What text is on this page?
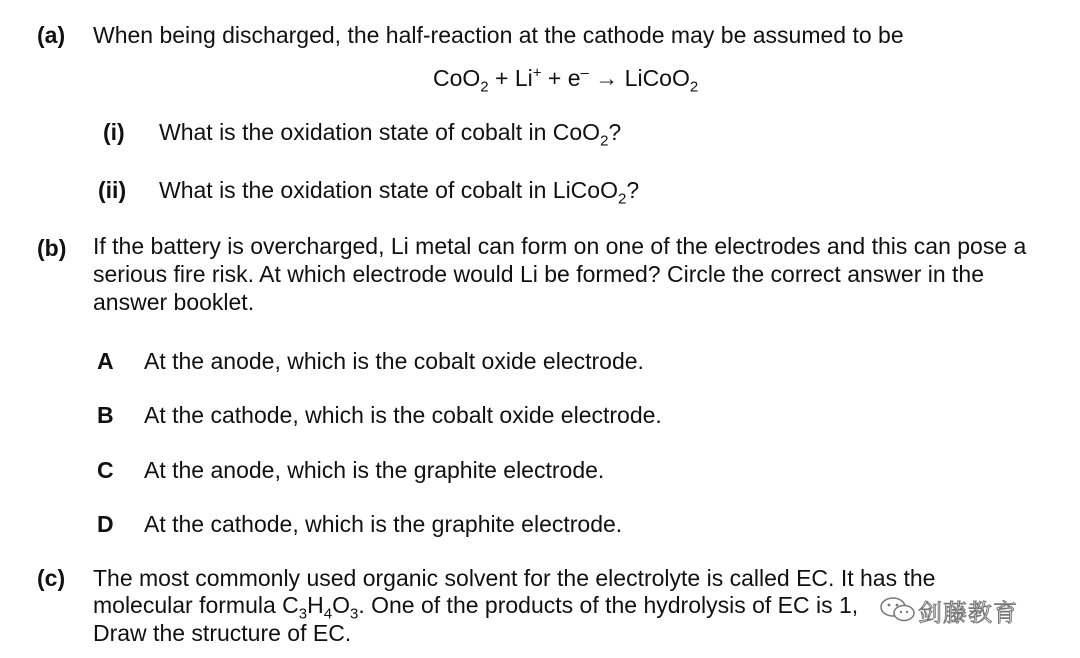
(a) When being discharged, the half-reaction at the cathode may be assumed to be
CoO$_2$ + Li+ + e– → LiCoO$_2$
(i) What is the oxidation state of cobalt in CoO$_2$?
(ii) What is the oxidation state of cobalt in LiCoO$_2$?
(b) If the battery is overcharged, Li metal can form on one of the electrodes and this can pose a serious fire risk. At which electrode would Li be formed? Circle the correct answer in the answer booklet.
A At the anode, which is the cobalt oxide electrode.
B At the cathode, which is the cobalt oxide electrode.
C At the anode, which is the graphite electrode.
D At the cathode, which is the graphite electrode.
(c) The most commonly used organic solvent for the electrolyte is called EC. It has the
molecular formula $C_3H_4O_3$. One of the products of the hydrolysis of EC is 1,
Draw the structure of EC.
剑藤教育
